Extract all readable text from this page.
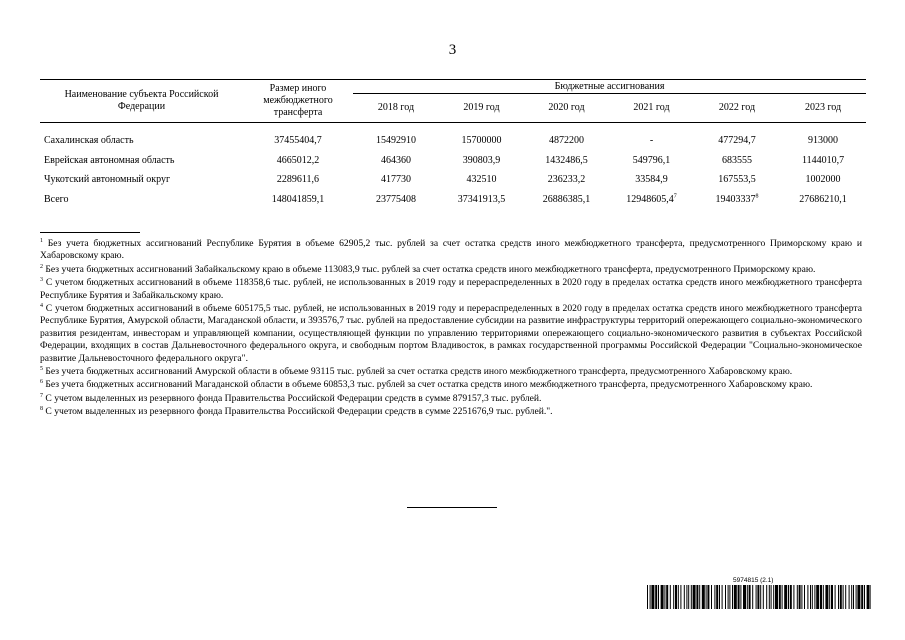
3
Наименование субъекта Российской Федерации	Размер иного межбюджетного трансферта	Бюджетные ассигнования					
		2018 год	2019 год	2020 год	2021 год	2022 год	2023 год

Сахалинская область	37455404,7	15492910	15700000	4872200	-	477294,7	913000
Еврейская автономная область	4665012,2	464360	390803,9	1432486,5	549796,1	683555	1144010,7
Чукотский автономный округ	2289611,6	417730	432510	236233,2	33584,9	167553,5	1002000
Всего	148041859,1	23775408	37341913,5	26886385,1	12948605,4$^7$	19403337$^8$	27686210,1

$^1$ Без учета бюджетных ассигнований Республике Бурятия в объеме 62905,2 тыс. рублей за счет остатка средств иного межбюджетного трансферта, предусмотренного Приморскому краю и Хабаровскому краю.

$^2$ Без учета бюджетных ассигнований Забайкальскому краю в объеме 113083,9 тыс. рублей за счет остатка средств иного межбюджетного трансферта, предусмотренного Приморскому краю.

$^3$ С учетом бюджетных ассигнований в объеме 118358,6 тыс. рублей, не использованных в 2019 году и перераспределенных в 2020 году в пределах остатка средств иного межбюджетного трансферта Республике Бурятия и Забайкальскому краю.

$^4$ С учетом бюджетных ассигнований в объеме 605175,5 тыс. рублей, не использованных в 2019 году и перераспределенных в 2020 году в пределах остатка средств иного межбюджетного трансферта Республике Бурятия, Амурской области, Магаданской области, и 393576,7 тыс. рублей на предоставление субсидии на развитие инфраструктуры территорий опережающего социально-экономического развития резидентам, инвесторам и управляющей компании, осуществляющей функции по управлению территориями опережающего социально-экономического развития в субъектах Российской Федерации, входящих в состав Дальневосточного федерального округа, и свободным портом Владивосток, в рамках государственной программы Российской Федерации "Социально-экономическое развитие Дальневосточного федерального округа".

$^5$ Без учета бюджетных ассигнований Амурской области в объеме 93115 тыс. рублей за счет остатка средств иного межбюджетного трансферта, предусмотренного Хабаровскому краю.

$^6$ Без учета бюджетных ассигнований Магаданской области в объеме 60853,3 тыс. рублей за счет остатка средств иного межбюджетного трансферта, предусмотренного Хабаровскому краю.

$^7$ С учетом выделенных из резервного фонда Правительства Российской Федерации средств в сумме 879157,3 тыс. рублей.

$^8$ С учетом выделенных из резервного фонда Правительства Российской Федерации средств в сумме 2251676,9 тыс. рублей.".

5974815 (2.1)
